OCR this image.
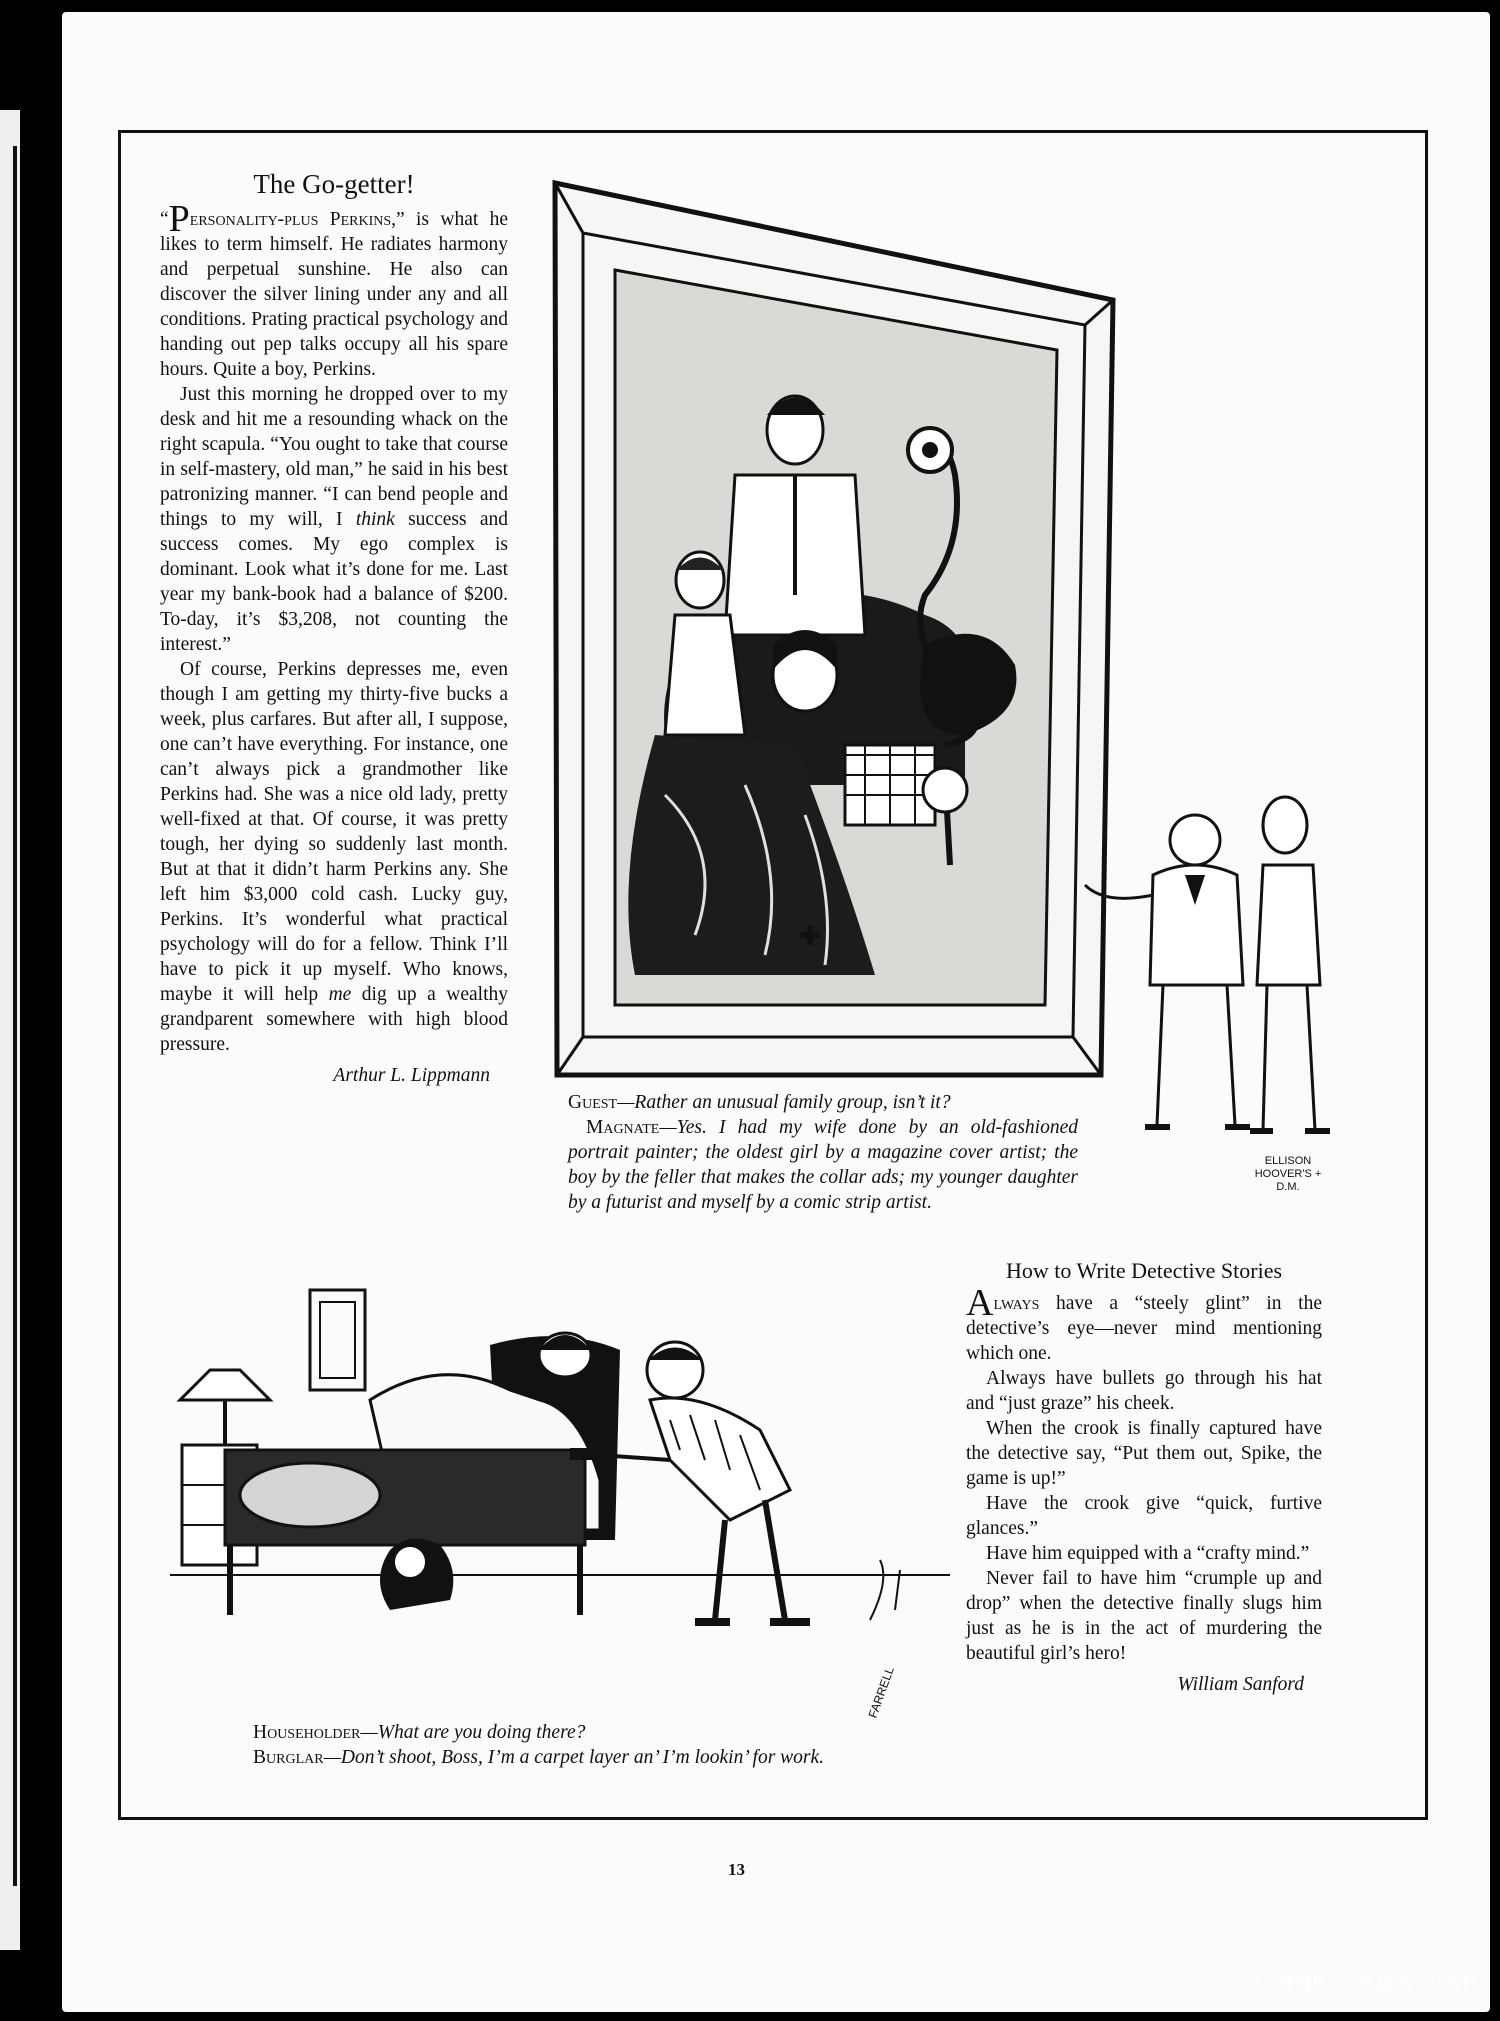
The Go-getter!

“Personality-plus Perkins,” is what he likes to term himself. He radiates harmony and perpetual sunshine. He also can discover the silver lining under any and all conditions. Prating practical psychology and handing out pep talks occupy all his spare hours. Quite a boy, Perkins.

Just this morning he dropped over to my desk and hit me a resounding whack on the right scapula. “You ought to take that course in self-mastery, old man,” he said in his best patronizing manner. “I can bend people and things to my will, I think success and success comes. My ego complex is dominant. Look what it’s done for me. Last year my bank-book had a balance of $200. To-day, it’s $3,208, not counting the interest.”

Of course, Perkins depresses me, even though I am getting my thirty-five bucks a week, plus carfares. But after all, I suppose, one can’t have everything. For instance, one can’t always pick a grandmother like Perkins had. She was a nice old lady, pretty well-fixed at that. Of course, it was pretty tough, her dying so suddenly last month. But at that it didn’t harm Perkins any. She left him $3,000 cold cash. Lucky guy, Perkins. It’s wonderful what practical psychology will do for a fellow. Think I’ll have to pick it up myself. Who knows, maybe it will help me dig up a wealthy grandparent somewhere with high blood pressure.

Arthur L. Lippmann
ELLISON HOOVER'S + D.M.
Guest—Rather an unusual family group, isn’t it?
Magnate—Yes. I had my wife done by an old-fashioned portrait painter; the oldest girl by a magazine cover artist; the boy by the feller that makes the collar ads; my younger daughter by a futurist and myself by a comic strip artist.
FARRELL
Householder—What are you doing there?
Burglar—Don’t shoot, Boss, I’m a carpet layer an’ I’m lookin’ for work.
How to Write Detective Stories

Always have a “steely glint” in the detective’s eye—never mind mentioning which one.

Always have bullets go through his hat and “just graze” his cheek.

When the crook is finally captured have the detective say, “Put them out, Spike, the game is up!”

Have the crook give “quick, furtive glances.”

Have him equipped with a “crafty mind.”

Never fail to have him “crumple up and drop” when the detective finally slugs him just as he is in the act of murdering the beautiful girl’s hero!

William Sanford
13
comicbooks.com
